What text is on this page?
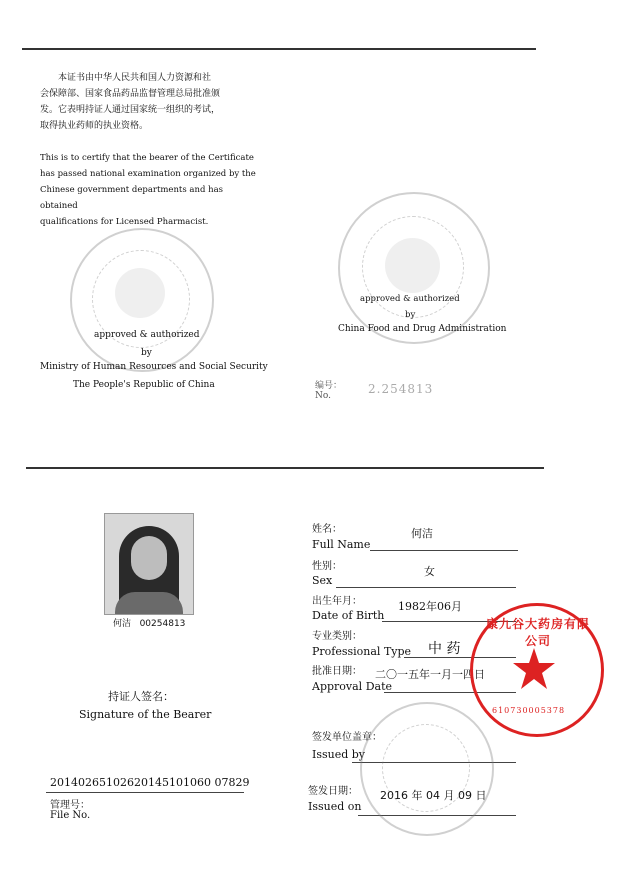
本证书由中华人民共和国人力资源和社
会保障部、国家食品药品监督管理总局批准颁
发。它表明持证人通过国家统一组织的考试，
取得执业药师的执业资格。
This is to certify that the bearer of the Certificate
has passed national examination organized by the
Chinese government departments and has obtained
qualifications for Licensed Pharmacist.
approved & authorized
by
Ministry of Human Resources and Social Security
The People's Republic of China
approved & authorized
by
China Food and Drug Administration
编号：
No.	2.254813
何洁   00254813
持证人签名：
Signature of the Bearer
20140265102620145101060 07829
管理号：
File No.
姓名：	何洁
Full Name
性别：	女
Sex
出生年月：	1982年06月
Date of Birth
专业类别：
中 药
Professional Type
批准日期： 二〇一五年一月一四日
Approval Date
签发单位盖章：
Issued by
签发日期： 2016 年 04 月 09 日
Issued on
康九谷大药房有限公司
610730005378
